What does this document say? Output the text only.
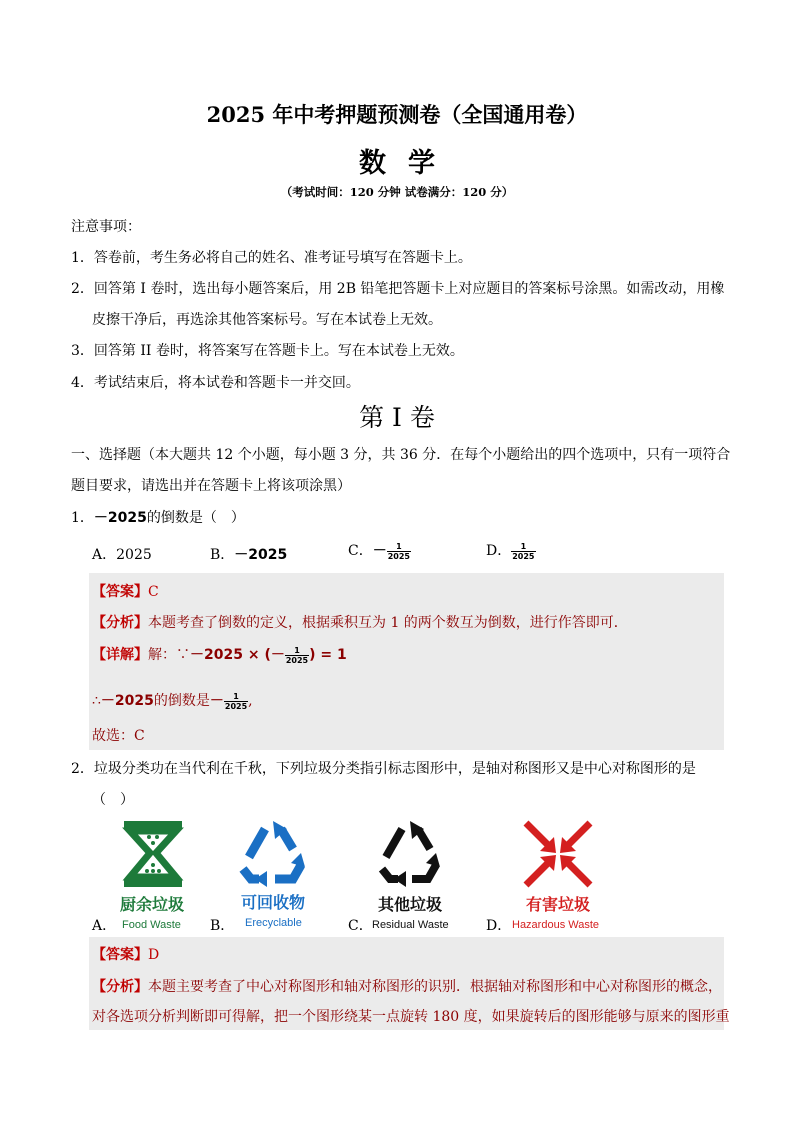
2025 年中考押题预测卷（全国通用卷）
数学
（考试时间：120 分钟 试卷满分：120 分）
注意事项：
1．答卷前，考生务必将自己的姓名、准考证号填写在答题卡上。
2．回答第 I 卷时，选出每小题答案后，用 2B 铅笔把答题卡上对应题目的答案标号涂黑。如需改动，用橡
皮擦干净后，再选涂其他答案标号。写在本试卷上无效。
3．回答第 II 卷时，将答案写在答题卡上。写在本试卷上无效。
4．考试结束后，将本试卷和答题卡一并交回。
第 I 卷
一、选择题（本大题共 12 个小题，每小题 3 分，共 36 分．在每个小题给出的四个选项中，只有一项符合
题目要求，请选出并在答题卡上将该项涂黑）
1．－2025的倒数是（　）
A．2025	B．－2025	C．－ $\frac{1}{2025}$	D． $\frac{1}{2025}$
【答案】C
【分析】本题考查了倒数的定义，根据乘积互为 1 的两个数互为倒数，进行作答即可．
【详解】解：∵－2025 × (－ $\frac{1}{2025}$ ) = 1
∴－2025的倒数是－ $\frac{1}{2025}$ ,
故选：C
2．垃圾分类功在当代利在千秋，下列垃圾分类指引标志图形中，是轴对称图形又是中心对称图形的是
（　）
厨余垃圾	可回收物	其他垃圾	有害垃圾
A． Food Waste B． Erecyclable	C． Residual Waste	D． Hazardous Waste
【答案】D
【分析】本题主要考查了中心对称图形和轴对称图形的识别．根据轴对称图形和中心对称图形的概念，
对各选项分析判断即可得解，把一个图形绕某一点旋转 180 度，如果旋转后的图形能够与原来的图形重
